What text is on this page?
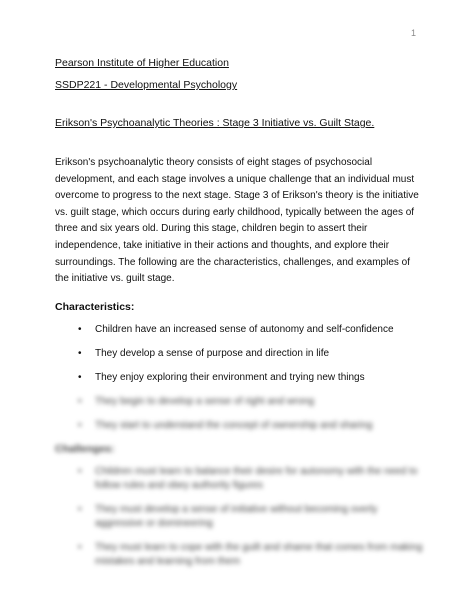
1

Pearson Institute of Higher Education

SSDP221 - Developmental Psychology

Erikson's Psychoanalytic Theories : Stage 3 Initiative vs. Guilt Stage.

Erikson's psychoanalytic theory consists of eight stages of psychosocial development, and each stage involves a unique challenge that an individual must overcome to progress to the next stage. Stage 3 of Erikson's theory is the initiative vs. guilt stage, which occurs during early childhood, typically between the ages of three and six years old. During this stage, children begin to assert their independence, take initiative in their actions and thoughts, and explore their surroundings. The following are the characteristics, challenges, and examples of the initiative vs. guilt stage.

Characteristics:

• Children have an increased sense of autonomy and self-confidence
• They develop a sense of purpose and direction in life
• They enjoy exploring their environment and trying new things
• They begin to develop a sense of right and wrong
• They start to understand the concept of ownership and sharing

Challenges:

• Children must learn to balance their desire for autonomy with the need to follow rules and obey authority figures
• They must develop a sense of initiative without becoming overly aggressive or domineering
• They must learn to cope with the guilt and shame that comes from making mistakes and learning from them
